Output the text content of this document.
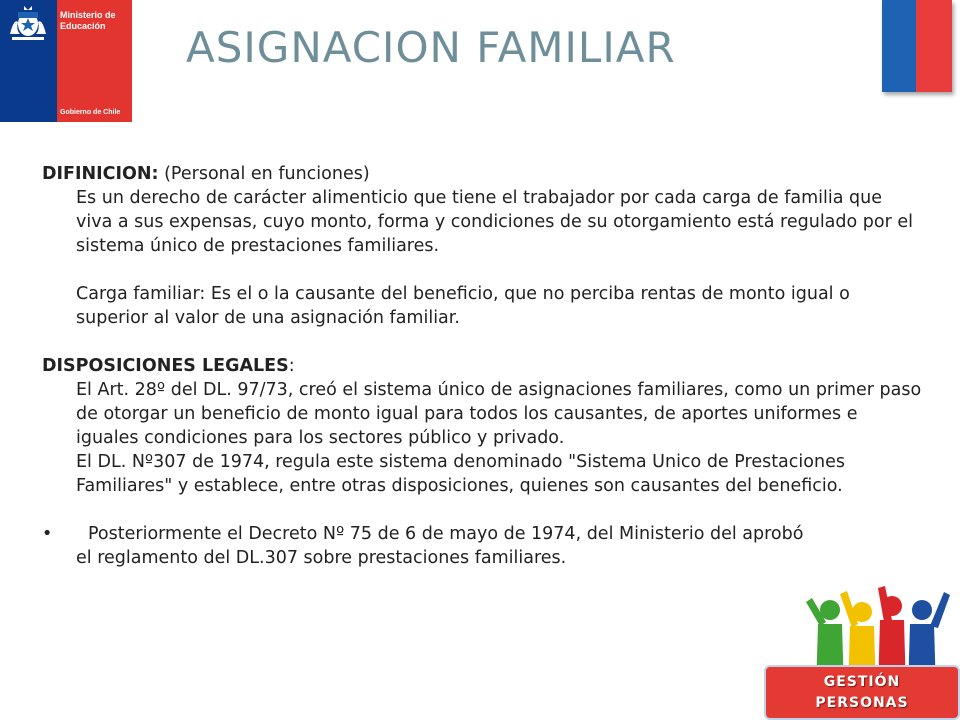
Ministerio de
Educación
Gobierno de Chile
ASIGNACION FAMILIAR

DIFINICION: (Personal en funciones)

Es un derecho de carácter alimenticio que tiene el trabajador por cada carga de familia que viva a sus expensas, cuyo monto, forma y condiciones de su otorgamiento está regulado por el sistema único de prestaciones familiares.

Carga familiar: Es el o la causante del beneficio, que no perciba rentas de monto igual o superior al valor de una asignación familiar.

DISPOSICIONES LEGALES:

El Art. 28º del DL. 97/73, creó el sistema único de asignaciones familiares, como un primer paso de otorgar un beneficio de monto igual para todos los causantes, de aportes uniformes e iguales condiciones para los sectores público y privado.

El DL. Nº307 de 1974, regula este sistema denominado "Sistema Unico de Prestaciones Familiares" y establece, entre otras disposiciones, quienes son causantes del beneficio.

•	Posteriormente el Decreto Nº 75 de 6 de mayo de 1974, del Ministerio del aprobó el reglamento del DL.307 sobre prestaciones familiares.

GESTIÓN
PERSONAS
